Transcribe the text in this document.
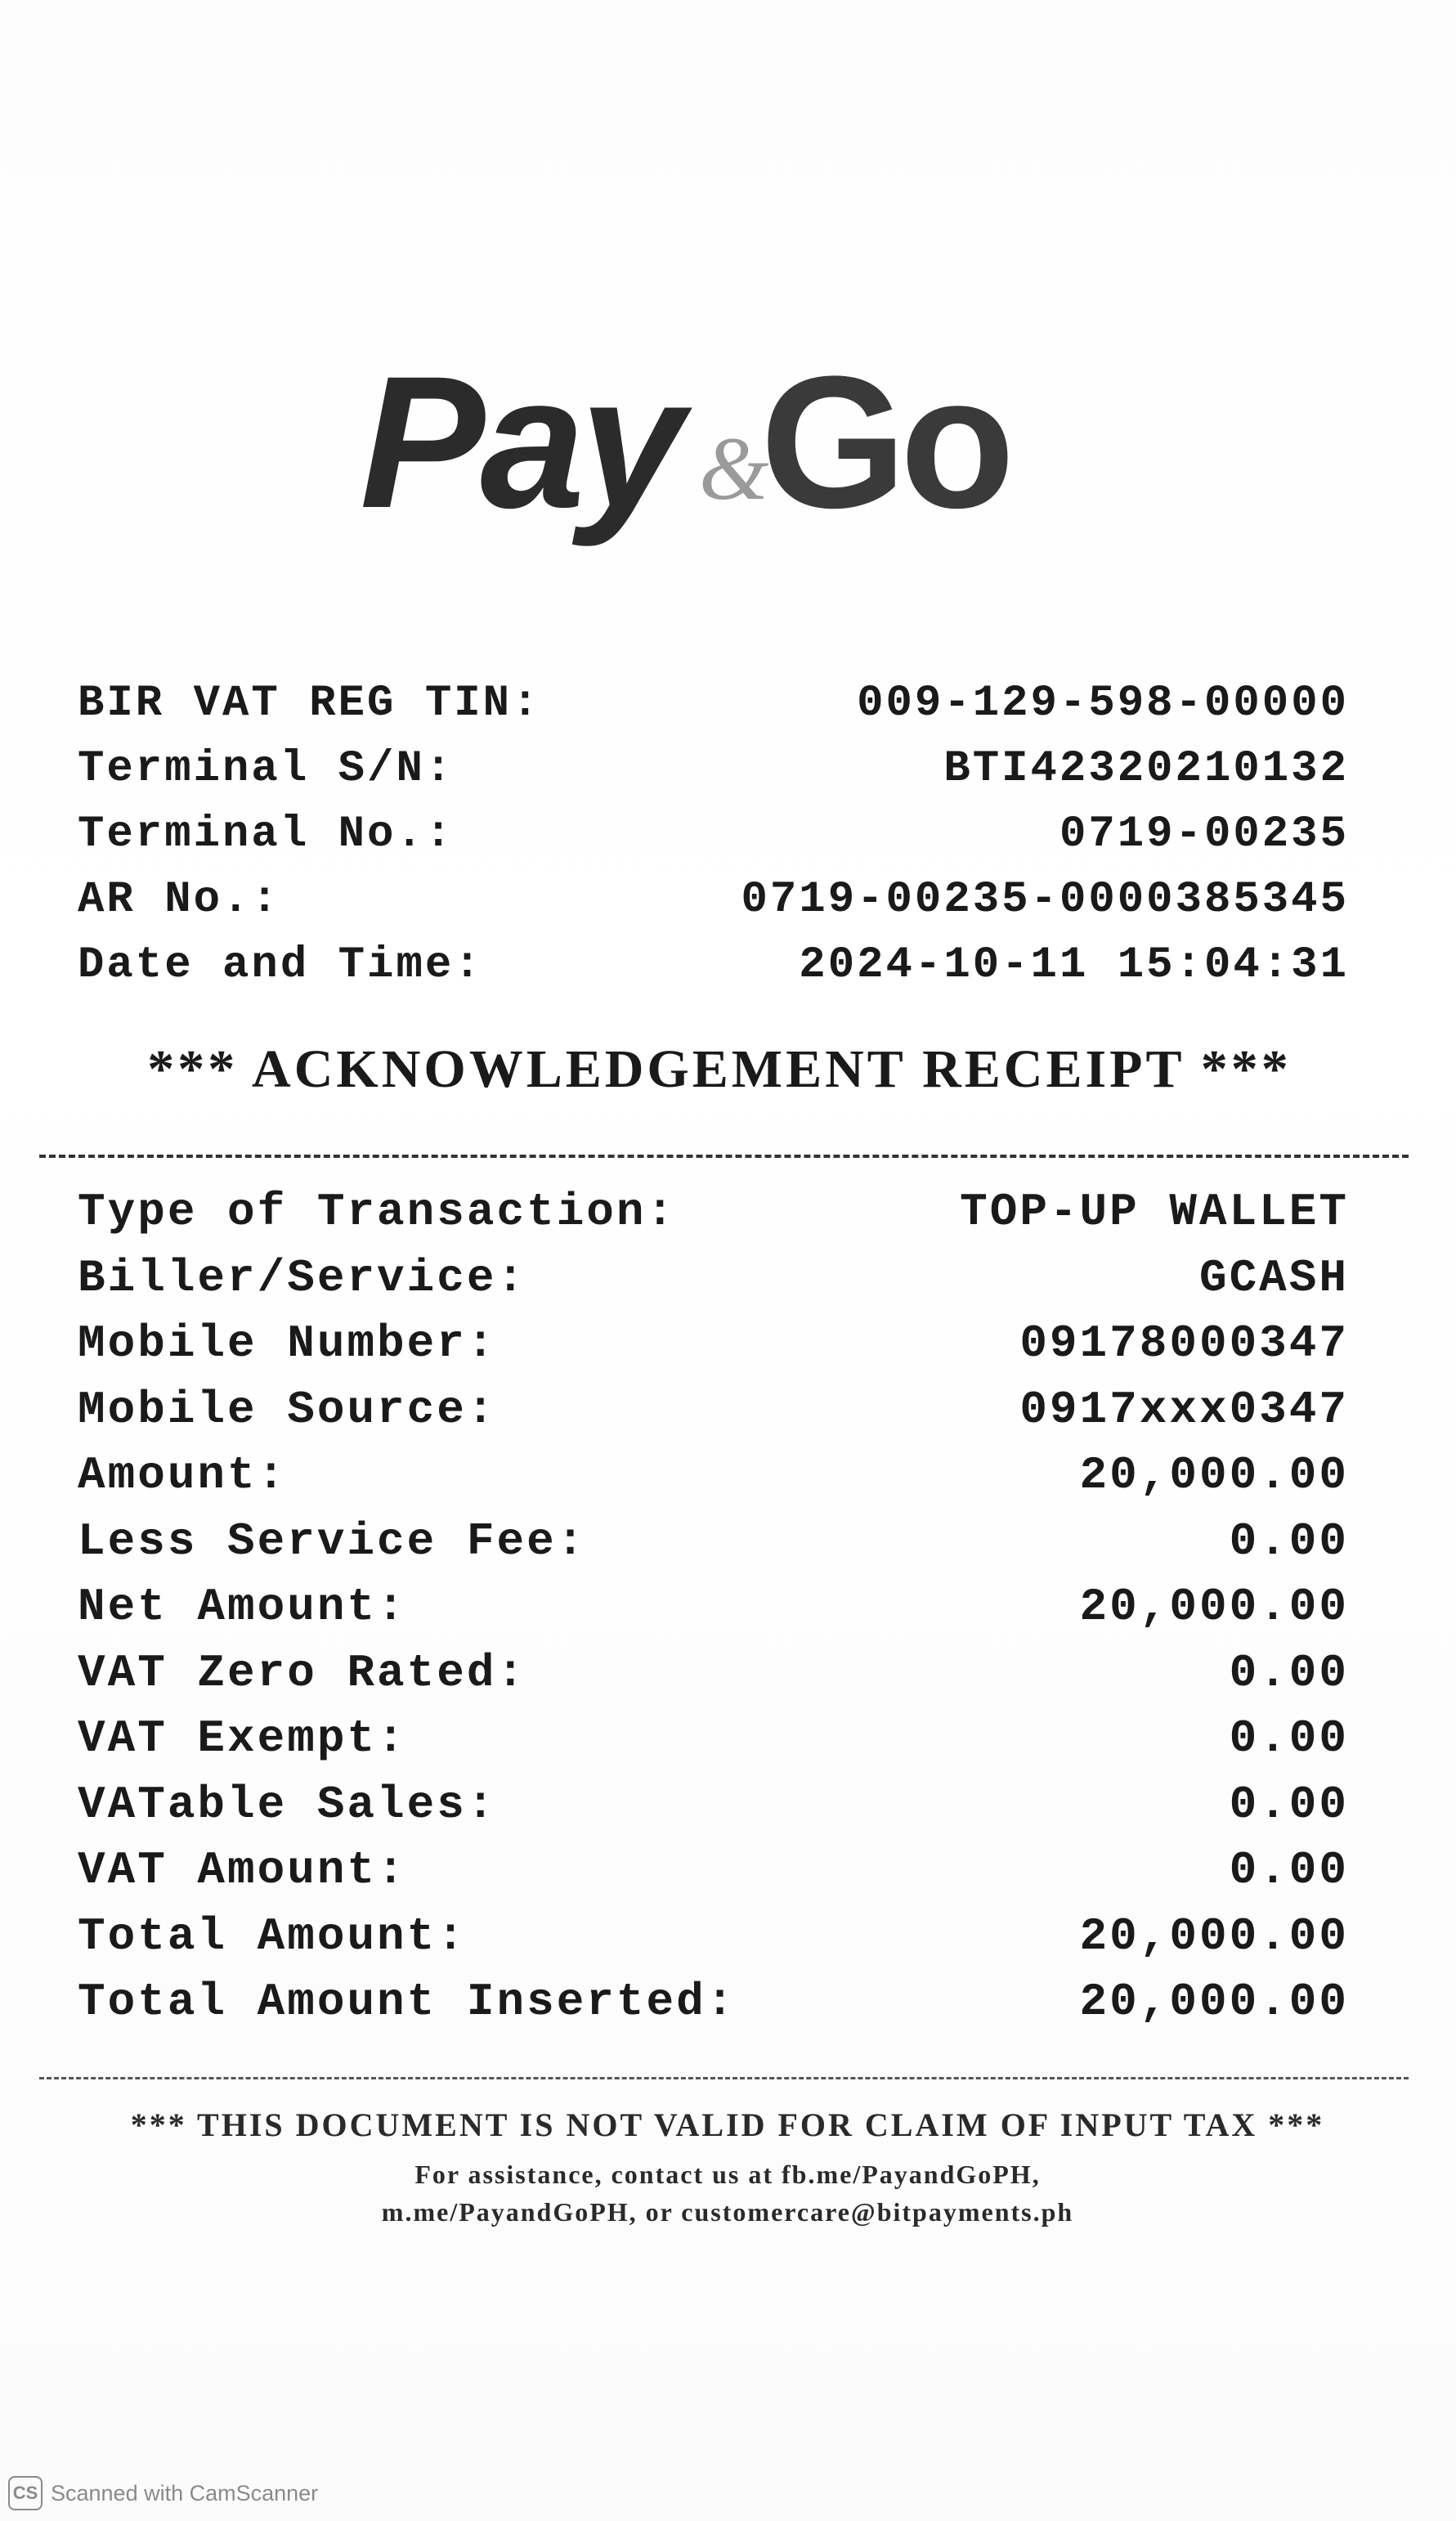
Pay &
Go
BIR VAT REG TIN:	009-129-598-00000
Terminal S/N:	BTI42320210132
Terminal No.:	0719-00235
AR No.:	0719-00235-0000385345
Date and Time:	2024-10-11 15:04:31
*** ACKNOWLEDGEMENT RECEIPT ***
Type of Transaction:	TOP-UP WALLET
Biller/Service:	GCASH
Mobile Number:	09178000347
Mobile Source:	0917xxx0347
Amount:	20,000.00
Less Service Fee:	0.00
Net Amount:	20,000.00
VAT Zero Rated:	0.00
VAT Exempt:	0.00
VATable Sales:	0.00
VAT Amount:	0.00
Total Amount:	20,000.00
Total Amount Inserted:	20,000.00
*** THIS DOCUMENT IS NOT VALID FOR CLAIM OF INPUT TAX ***
For assistance, contact us at fb.me/PayandGoPH,
m.me/PayandGoPH, or customercare@bitpayments.ph
CS Scanned with CamScanner
